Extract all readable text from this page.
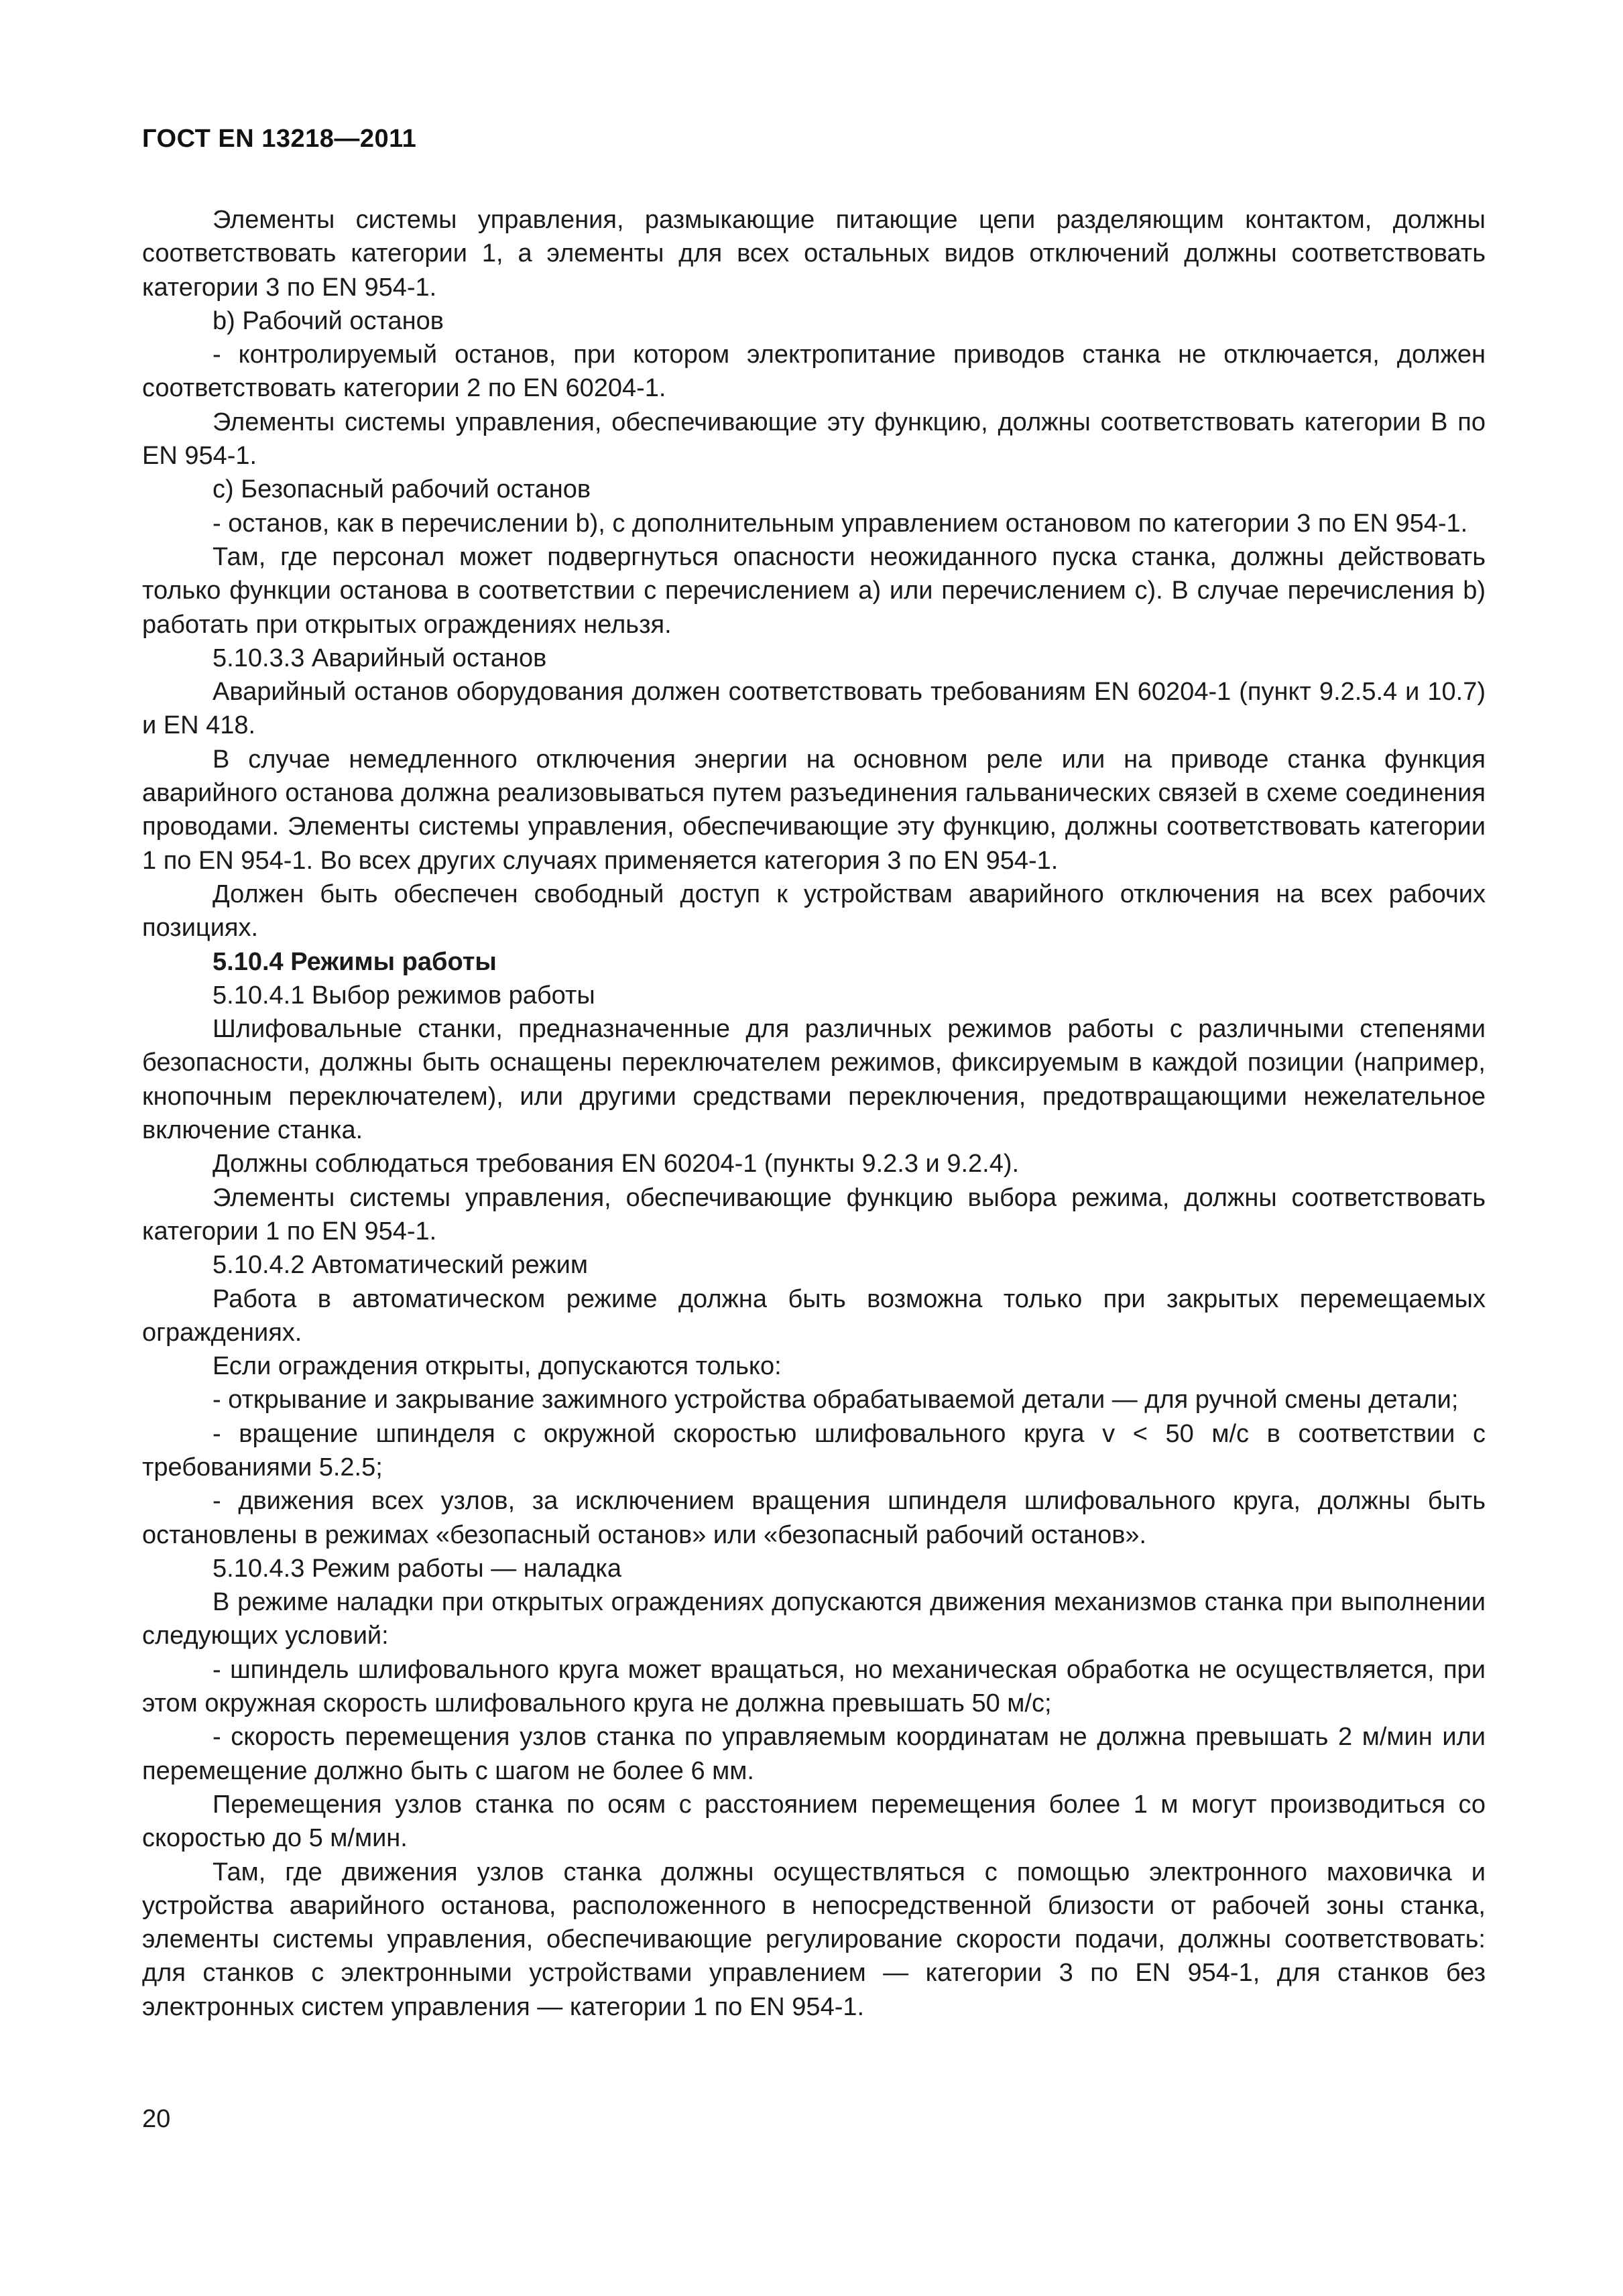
ГОСТ EN 13218—2011

Элементы системы управления, размыкающие питающие цепи разделяющим контактом, должны соответствовать категории 1, а элементы для всех остальных видов отключений должны соответствовать категории 3 по EN 954-1.

b) Рабочий останов

- контролируемый останов, при котором электропитание приводов станка не отключается, должен соответствовать категории 2 по EN 60204-1.

Элементы системы управления, обеспечивающие эту функцию, должны соответствовать категории В по EN 954-1.

с) Безопасный рабочий останов

- останов, как в перечислении b), с дополнительным управлением остановом по категории 3 по EN 954-1.

Там, где персонал может подвергнуться опасности неожиданного пуска станка, должны действовать только функции останова в соответствии с перечислением а) или перечислением с). В случае перечисления b) работать при открытых ограждениях нельзя.

5.10.3.3 Аварийный останов

Аварийный останов оборудования должен соответствовать требованиям EN 60204-1 (пункт 9.2.5.4 и 10.7) и EN 418.

В случае немедленного отключения энергии на основном реле или на приводе станка функция аварийного останова должна реализовываться путем разъединения гальванических связей в схеме соединения проводами. Элементы системы управления, обеспечивающие эту функцию, должны соответствовать категории 1 по EN 954-1. Во всех других случаях применяется категория 3 по EN 954-1.

Должен быть обеспечен свободный доступ к устройствам аварийного отключения на всех рабочих позициях.

5.10.4 Режимы работы

5.10.4.1 Выбор режимов работы

Шлифовальные станки, предназначенные для различных режимов работы с различными степенями безопасности, должны быть оснащены переключателем режимов, фиксируемым в каждой позиции (например, кнопочным переключателем), или другими средствами переключения, предотвращающими нежелательное включение станка.

Должны соблюдаться требования EN 60204-1 (пункты 9.2.3 и 9.2.4).

Элементы системы управления, обеспечивающие функцию выбора режима, должны соответствовать категории 1 по EN 954-1.

5.10.4.2 Автоматический режим

Работа в автоматическом режиме должна быть возможна только при закрытых перемещаемых ограждениях.

Если ограждения открыты, допускаются только:

- открывание и закрывание зажимного устройства обрабатываемой детали — для ручной смены детали;

- вращение шпинделя с окружной скоростью шлифовального круга v < 50 м/с в соответствии с требованиями 5.2.5;

- движения всех узлов, за исключением вращения шпинделя шлифовального круга, должны быть остановлены в режимах «безопасный останов» или «безопасный рабочий останов».

5.10.4.3 Режим работы — наладка

В режиме наладки при открытых ограждениях допускаются движения механизмов станка при выполнении следующих условий:

- шпиндель шлифовального круга может вращаться, но механическая обработка не осуществляется, при этом окружная скорость шлифовального круга не должна превышать 50 м/с;

- скорость перемещения узлов станка по управляемым координатам не должна превышать 2 м/мин или перемещение должно быть с шагом не более 6 мм.

Перемещения узлов станка по осям с расстоянием перемещения более 1 м могут производиться со скоростью до 5 м/мин.

Там, где движения узлов станка должны осуществляться с помощью электронного маховичка и устройства аварийного останова, расположенного в непосредственной близости от рабочей зоны станка, элементы системы управления, обеспечивающие регулирование скорости подачи, должны соответствовать: для станков с электронными устройствами управлением — категории 3 по EN 954-1, для станков без электронных систем управления — категории 1 по EN 954-1.

20
